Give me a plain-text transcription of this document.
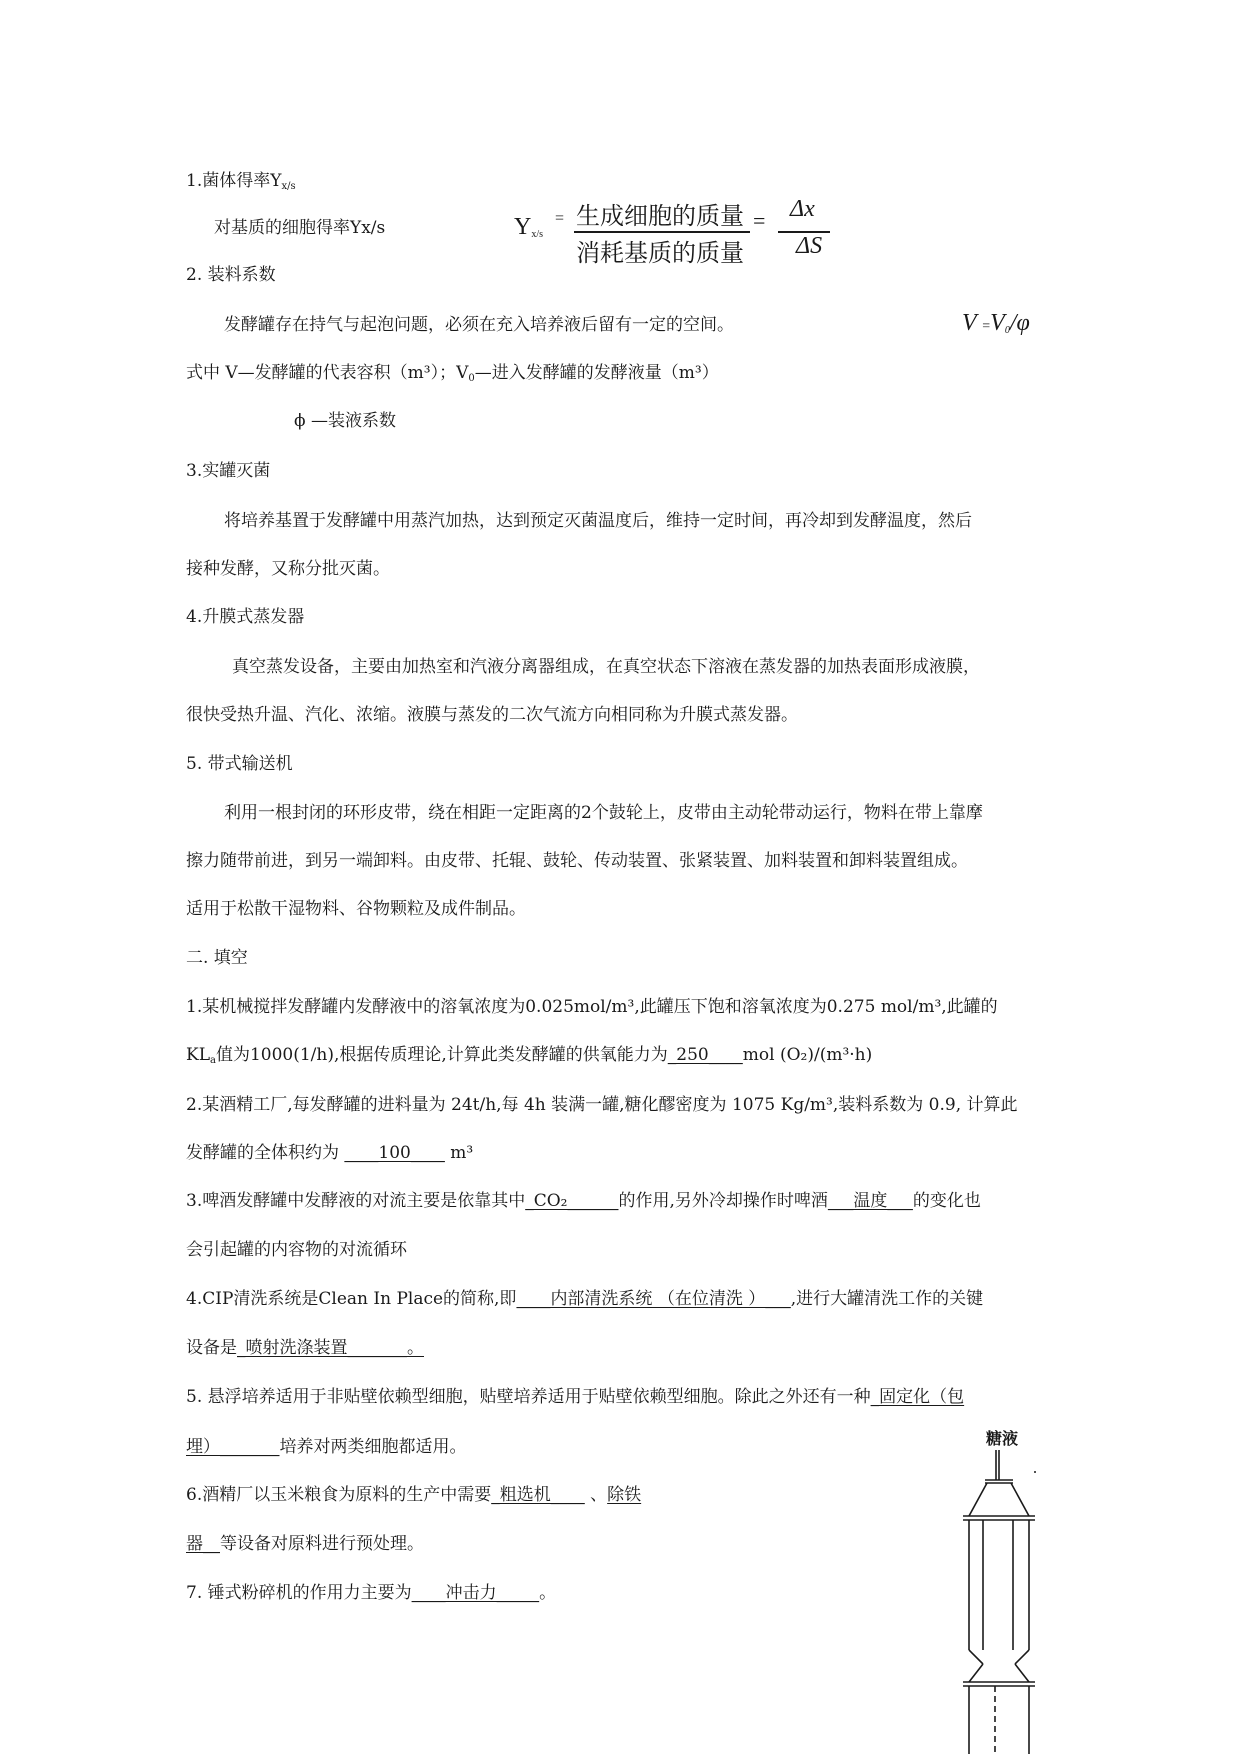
1.菌体得率$Y_{x/s}$
对基质的细胞得率Yx/s	$Y_{x/s}$
= 生成细胞的质量
消耗基质的质量
= Δx
ΔS
2. 装料系数
发酵罐存在持气与起泡问题，必须在充入培养液后留有一定的空间。	$V =V_0/\varphi$
式中 V—发酵罐的代表容积（m³）；$V_0—$进入发酵罐的发酵液量（m³）
ϕ —装液系数
3.实罐灭菌
将培养基置于发酵罐中用蒸汽加热，达到预定灭菌温度后，维持一定时间，再冷却到发酵温度，然后
接种发酵，又称分批灭菌。
4.升膜式蒸发器
真空蒸发设备，主要由加热室和汽液分离器组成，在真空状态下溶液在蒸发器的加热表面形成液膜，
很快受热升温、汽化、浓缩。液膜与蒸发的二次气流方向相同称为升膜式蒸发器。
5. 带式输送机
利用一根封闭的环形皮带，绕在相距一定距离的2个鼓轮上，皮带由主动轮带动运行，物料在带上靠摩
擦力随带前进，到另一端卸料。由皮带、托辊、鼓轮、传动装置、张紧装置、加料装置和卸料装置组成。
适用于松散干湿物料、谷物颗粒及成件制品。
二. 填空
1.某机械搅拌发酵罐内发酵液中的溶氧浓度为0.025mol/m³,此罐压下饱和溶氧浓度为0.275 mol/m³,此罐的
$KL_a$值为1000(1/h),根据传质理论,计算此类发酵罐的供氧能力为_250____mol (O₂)/(m³·h)
2.某酒精工厂,每发酵罐的进料量为 24t/h,每 4h 装满一罐,糖化醪密度为 1075 Kg/m³,装料系数为 0.9, 计算此
发酵罐的全体积约为 ____100____ m³
3.啤酒发酵罐中发酵液的对流主要是依靠其中_CO₂______的作用,另外冷却操作时啤酒___温度___的变化也
会引起罐的内容物的对流循环
4.CIP清洗系统是Clean In Place的简称,即____内部清洗系统 （在位清洗 ）___,进行大罐清洗工作的关键
设备是_喷射洗涤装置_______。
5. 悬浮培养适用于非贴壁依赖型细胞，贴壁培养适用于贴壁依赖型细胞。除此之外还有一种_固定化（包
埋）_______培养对两类细胞都适用。
6.酒精厂以玉米粮食为原料的生产中需要_粗选机____ 、除铁
器__等设备对原料进行预处理。
7. 锤式粉碎机的作用力主要为____冲击力_____。
糖液
